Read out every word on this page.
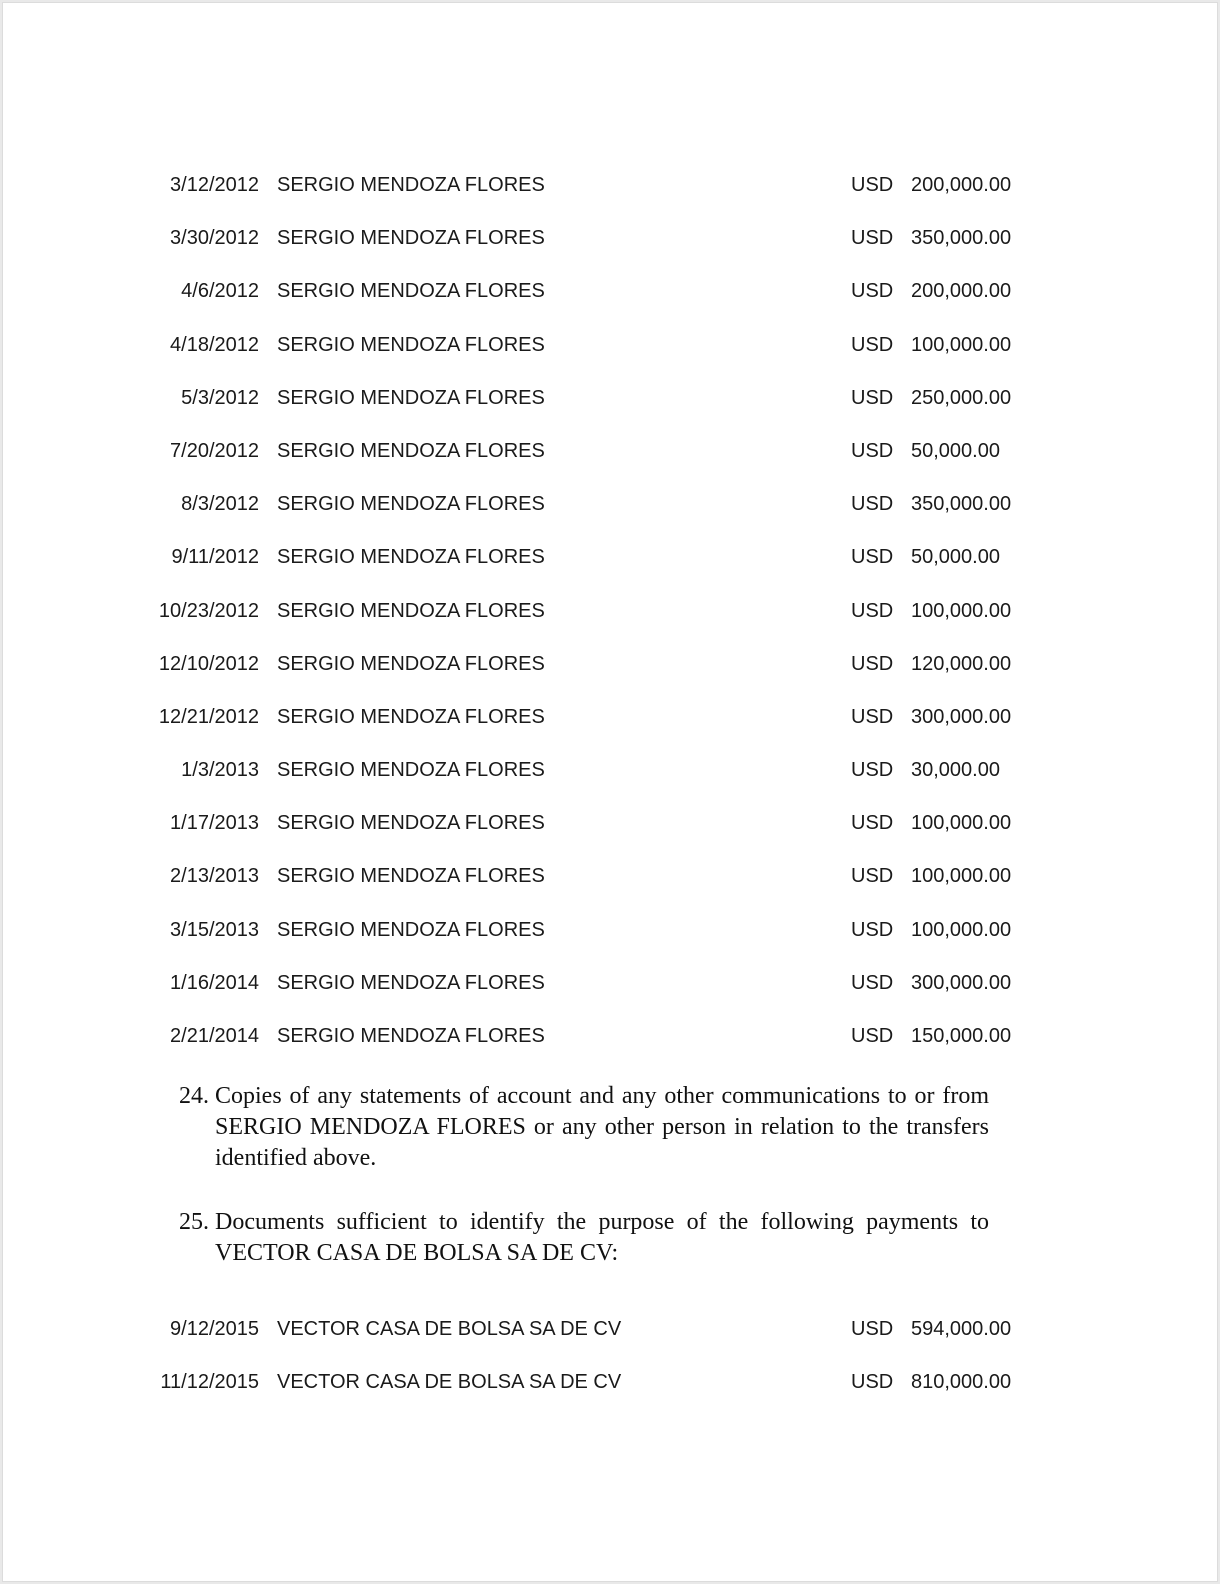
3/12/2012 SERGIO MENDOZA FLORES	USD 200,000.00
3/30/2012 SERGIO MENDOZA FLORES	USD 350,000.00
4/6/2012 SERGIO MENDOZA FLORES	USD 200,000.00
4/18/2012 SERGIO MENDOZA FLORES	USD 100,000.00
5/3/2012 SERGIO MENDOZA FLORES	USD 250,000.00
7/20/2012 SERGIO MENDOZA FLORES	USD 50,000.00
8/3/2012 SERGIO MENDOZA FLORES	USD 350,000.00
9/11/2012 SERGIO MENDOZA FLORES	USD 50,000.00
10/23/2012 SERGIO MENDOZA FLORES	USD 100,000.00
12/10/2012 SERGIO MENDOZA FLORES	USD 120,000.00
12/21/2012 SERGIO MENDOZA FLORES	USD 300,000.00
1/3/2013 SERGIO MENDOZA FLORES	USD 30,000.00
1/17/2013 SERGIO MENDOZA FLORES	USD 100,000.00
2/13/2013 SERGIO MENDOZA FLORES	USD 100,000.00
3/15/2013 SERGIO MENDOZA FLORES	USD 100,000.00
1/16/2014 SERGIO MENDOZA FLORES	USD 300,000.00
2/21/2014 SERGIO MENDOZA FLORES	USD 150,000.00
24. Copies of any statements of account and any other communications to or from SERGIO MENDOZA FLORES or any other person in relation to the transfers identified above.
25. Documents sufficient to identify the purpose of the following payments to VECTOR CASA DE BOLSA SA DE CV:
9/12/2015 VECTOR CASA DE BOLSA SA DE CV	USD 594,000.00
11/12/2015 VECTOR CASA DE BOLSA SA DE CV	USD 810,000.00
